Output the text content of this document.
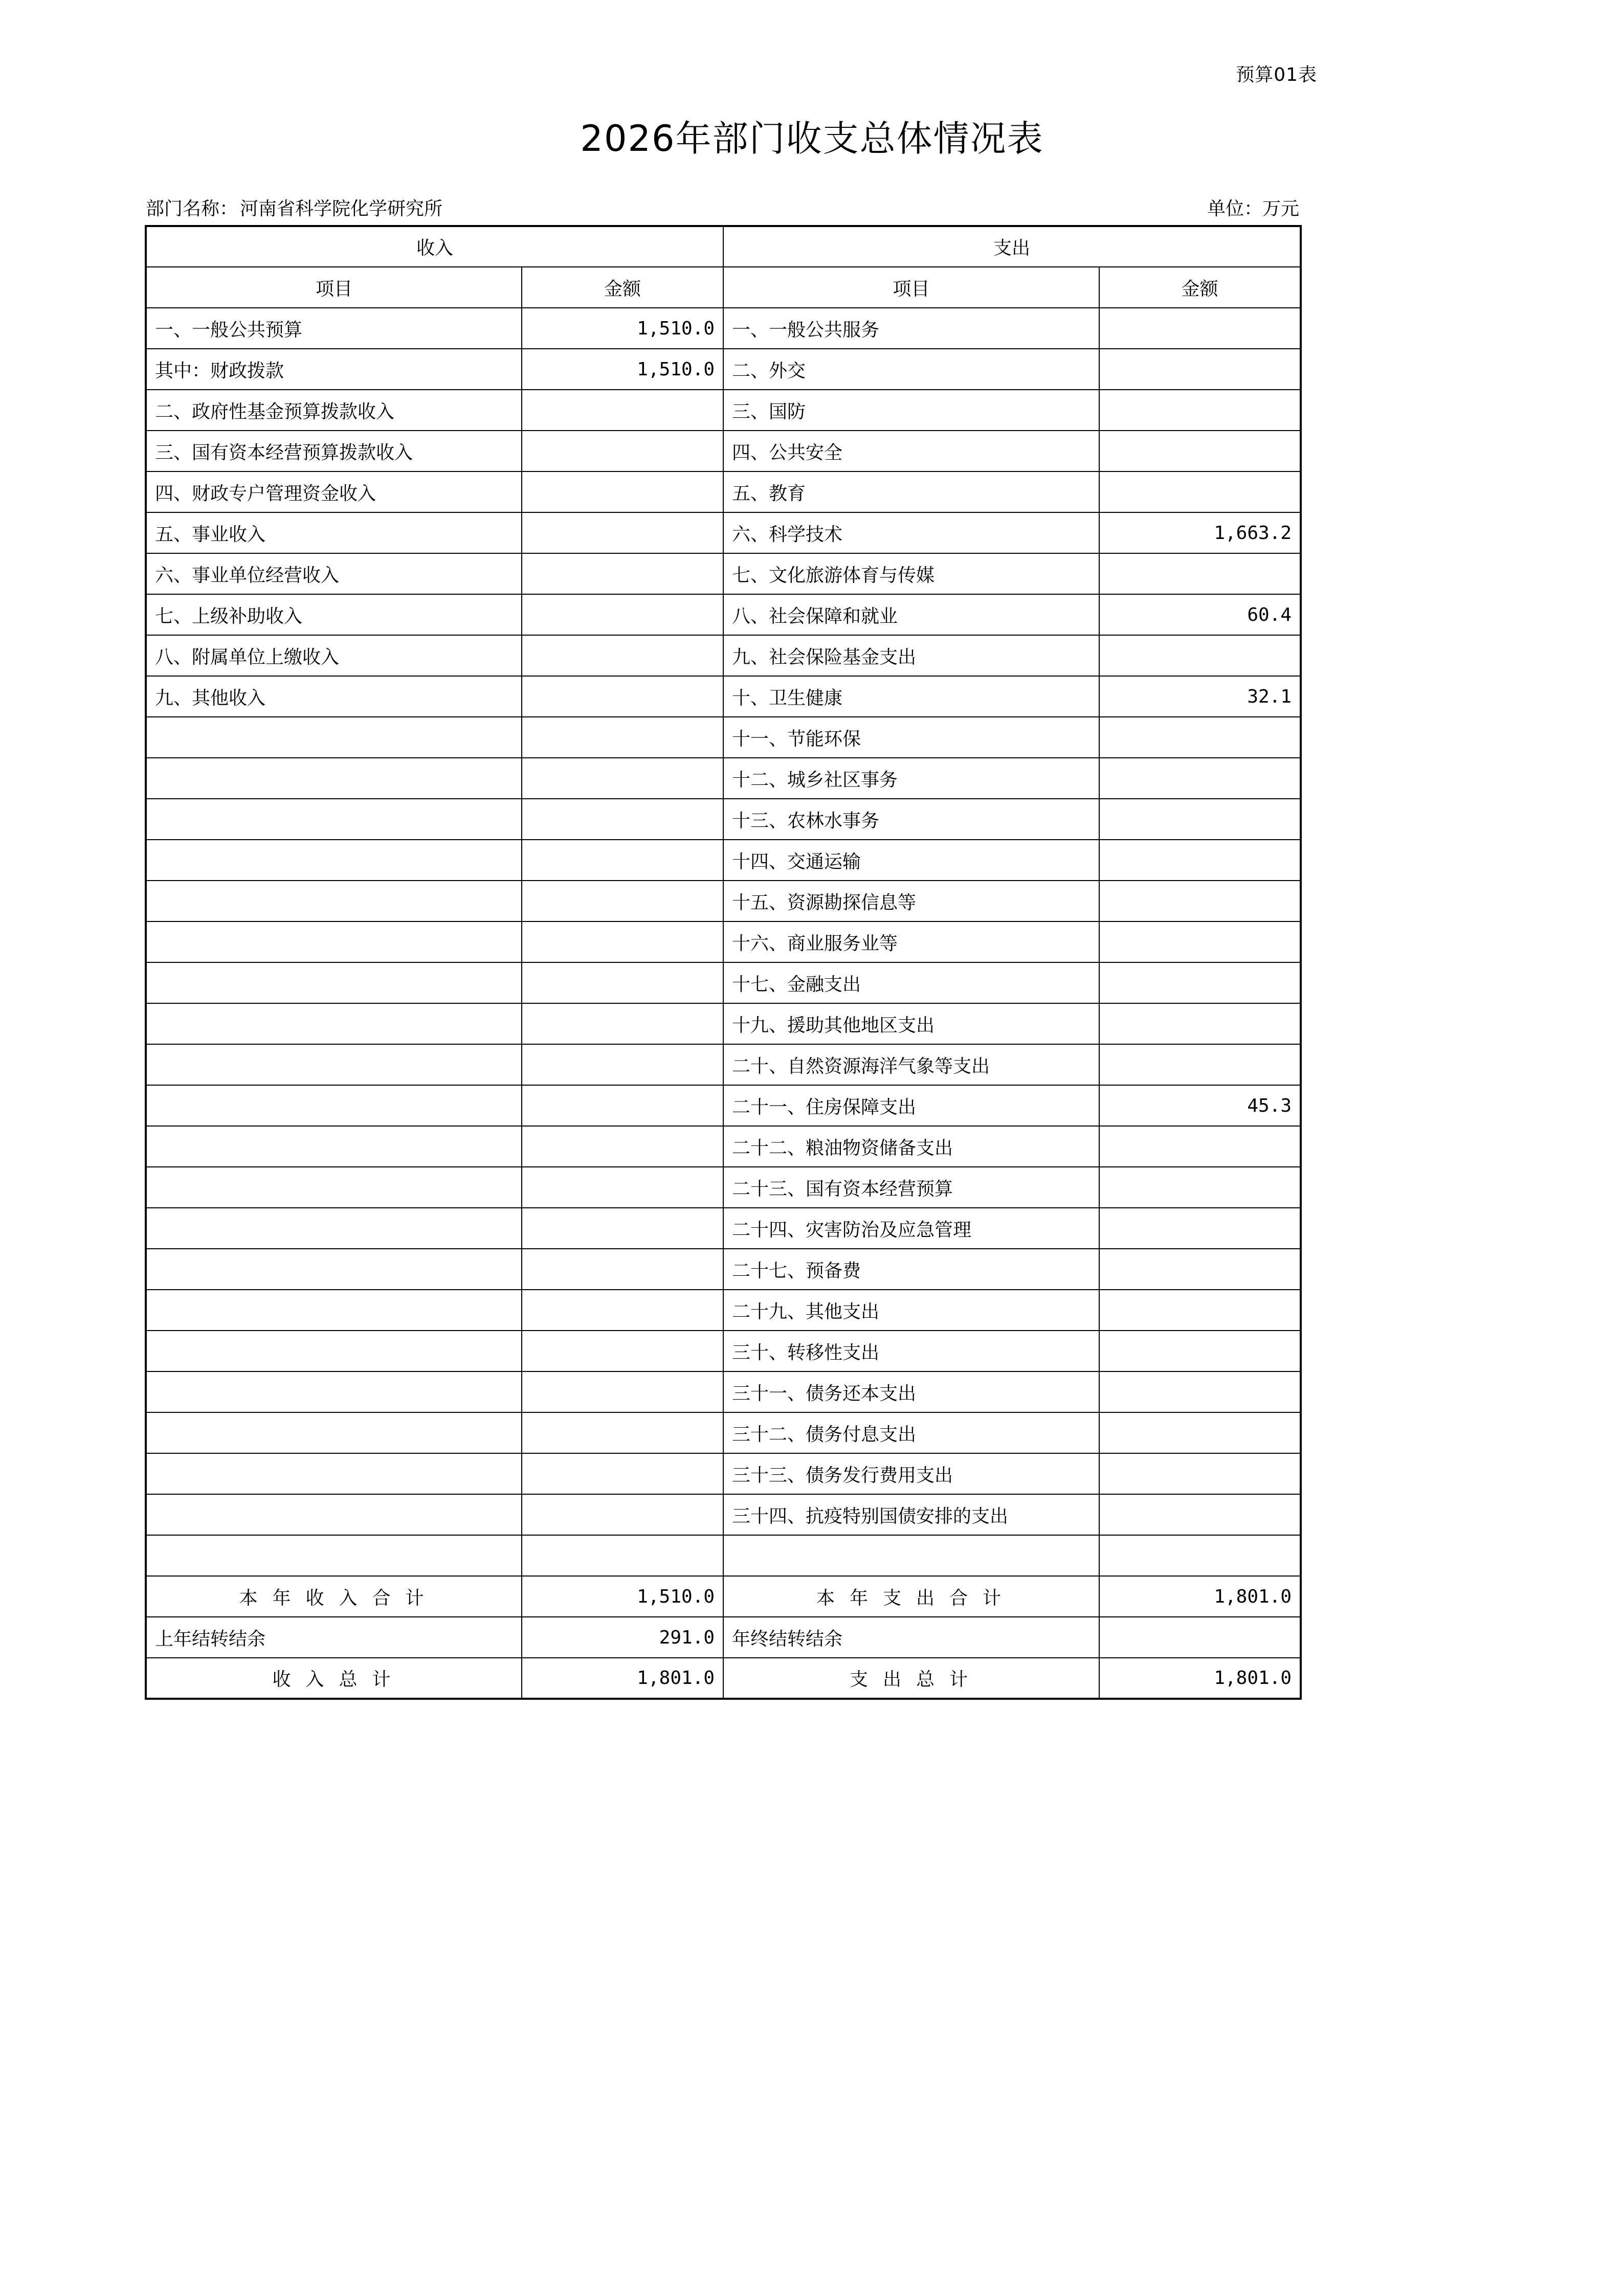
预算01表
2026年部门收支总体情况表
部门名称： 河南省科学院化学研究所	单位：万元
收入		支出	
项目	金额	项目	金额
一、一般公共预算	1,510.0	一、一般公共服务	
其中：财政拨款	1,510.0	二、外交	
二、政府性基金预算拨款收入		三、国防	
三、国有资本经营预算拨款收入		四、公共安全	
四、财政专户管理资金收入		五、教育	
五、事业收入		六、科学技术	1,663.2
六、事业单位经营收入		七、文化旅游体育与传媒	
七、上级补助收入		八、社会保障和就业	60.4
八、附属单位上缴收入		九、社会保险基金支出	
九、其他收入		十、卫生健康	32.1
		十一、节能环保	
		十二、城乡社区事务	
		十三、农林水事务	
		十四、交通运输	
		十五、资源勘探信息等	
		十六、商业服务业等	
		十七、金融支出	
		十九、援助其他地区支出	
		二十、自然资源海洋气象等支出	
		二十一、住房保障支出	45.3
		二十二、粮油物资储备支出	
		二十三、国有资本经营预算	
		二十四、灾害防治及应急管理	
		二十七、预备费	
		二十九、其他支出	
		三十、转移性支出	
		三十一、债务还本支出	
		三十二、债务付息支出	
		三十三、债务发行费用支出	
		三十四、抗疫特别国债安排的支出	

本 年 收 入 合 计	1,510.0	本 年 支 出 合 计	1,801.0
上年结转结余	291.0	年终结转结余	
收 入 总 计	1,801.0	支 出 总 计	1,801.0
